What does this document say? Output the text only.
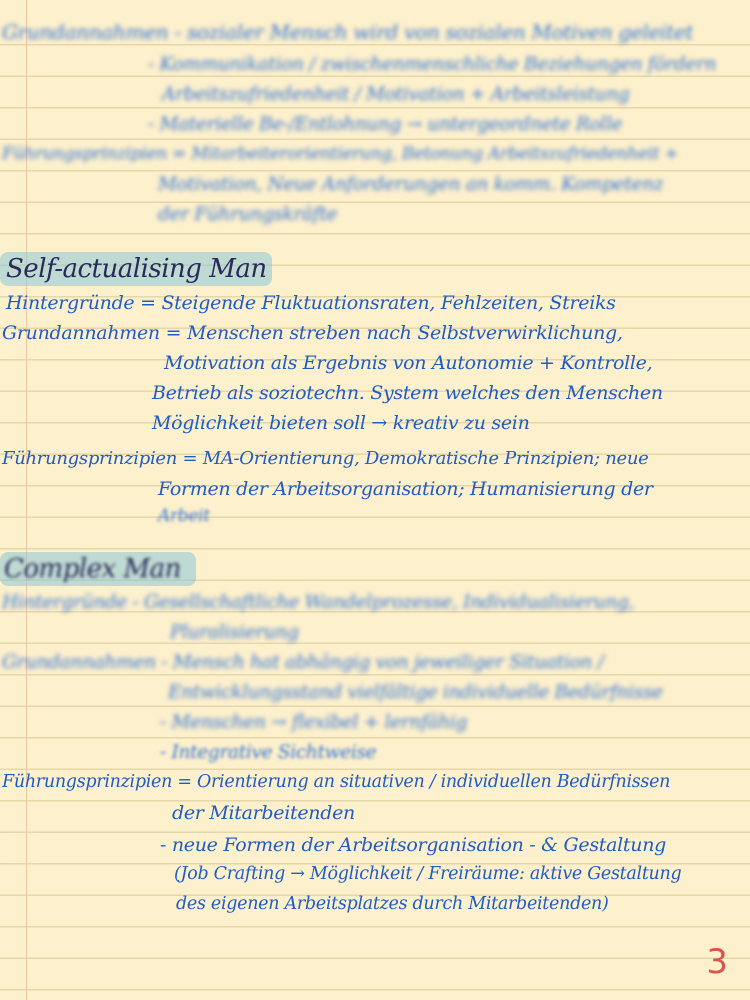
Grundannahmen - sozialer Mensch wird von sozialen Motiven geleitet
- Kommunikation / zwischenmenschliche Beziehungen fördern
Arbeitszufriedenheit / Motivation + Arbeitsleistung
- Materielle Be-/Entlohnung → untergeordnete Rolle
Führungsprinzipien = Mitarbeiterorientierung, Betonung Arbeitszufriedenheit +
Motivation, Neue Anforderungen an komm. Kompetenz
der Führungskräfte
Self-actualising Man
Hintergründe = Steigende Fluktuationsraten, Fehlzeiten, Streiks
Grundannahmen = Menschen streben nach Selbstverwirklichung,
Motivation als Ergebnis von Autonomie + Kontrolle,
Betrieb als soziotechn. System welches den Menschen
Möglichkeit bieten soll → kreativ zu sein
Führungsprinzipien = MA-Orientierung, Demokratische Prinzipien; neue
Formen der Arbeitsorganisation; Humanisierung der
Arbeit
Complex Man
Hintergründe - Gesellschaftliche Wandelprozesse, Individualisierung,
Pluralisierung
Grundannahmen - Mensch hat abhängig von jeweiliger Situation /
Entwicklungsstand vielfältige individuelle Bedürfnisse
- Menschen → flexibel + lernfähig
- Integrative Sichtweise
Führungsprinzipien = Orientierung an situativen / individuellen Bedürfnissen
der Mitarbeitenden
- neue Formen der Arbeitsorganisation - & Gestaltung
(Job Crafting → Möglichkeit / Freiräume: aktive Gestaltung
des eigenen Arbeitsplatzes durch Mitarbeitenden)
3
